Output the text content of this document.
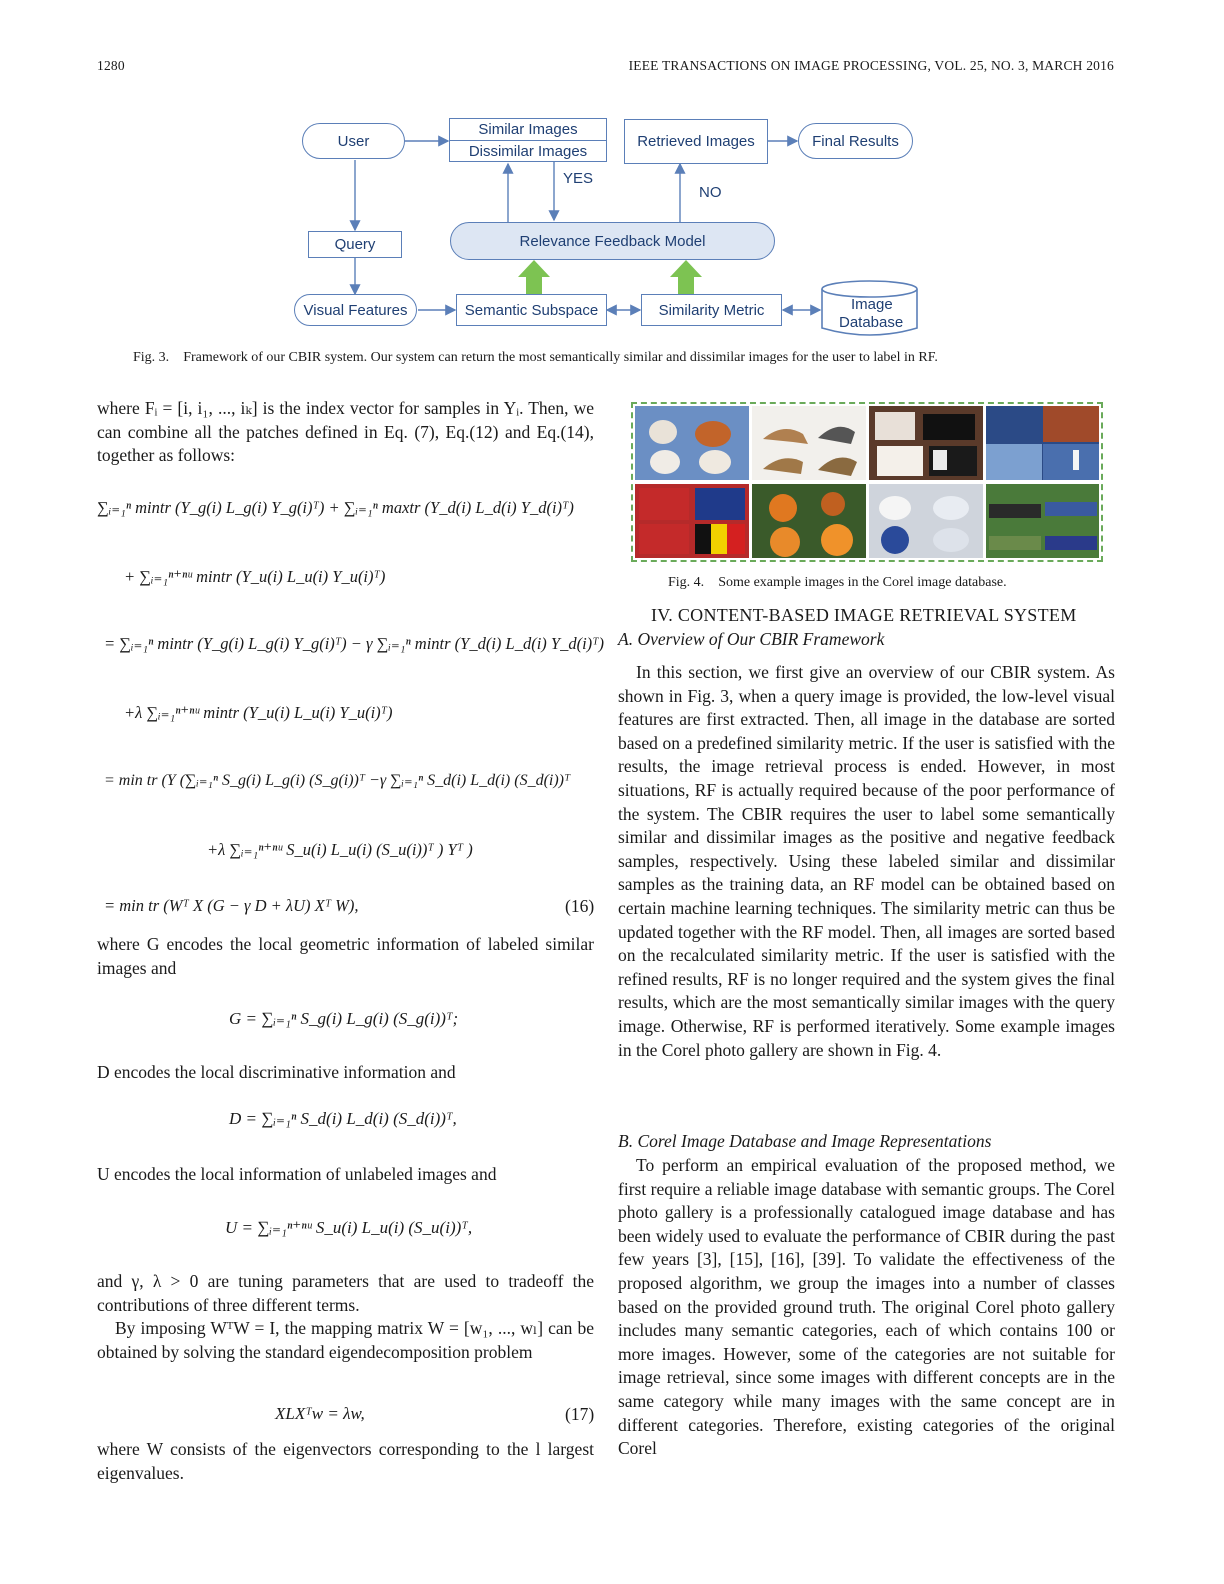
1280	IEEE TRANSACTIONS ON IMAGE PROCESSING, VOL. 25, NO. 3, MARCH 2016
User
Similar Images
Dissimilar Images
Retrieved Images	Final Results
Query	Relevance Feedback Model
Visual Features	Semantic Subspace	Similarity Metric	Image
Database
YES
NO
Fig. 3. Framework of our CBIR system. Our system can return the most semantically similar and dissimilar images for the user to label in RF.
Fig. 4. Some example images in the Corel image database.
where Fᵢ = [i, i₁, ..., iₖ] is the index vector for samples in Yᵢ. Then, we can combine all the patches defined in Eq. (7), Eq.(12) and Eq.(14), together as follows:
∑ᵢ₌₁ⁿ mintr (Y_g(i) L_g(i) Y_g(i)ᵀ) + ∑ᵢ₌₁ⁿ maxtr (Y_d(i) L_d(i) Y_d(i)ᵀ)
+ ∑ᵢ₌₁ⁿ⁺ⁿᵘ mintr (Y_u(i) L_u(i) Y_u(i)ᵀ)
= ∑ᵢ₌₁ⁿ mintr (Y_g(i) L_g(i) Y_g(i)ᵀ) − γ ∑ᵢ₌₁ⁿ mintr (Y_d(i) L_d(i) Y_d(i)ᵀ)
+λ ∑ᵢ₌₁ⁿ⁺ⁿᵘ mintr (Y_u(i) L_u(i) Y_u(i)ᵀ)
= min tr (Y (∑ᵢ₌₁ⁿ S_g(i) L_g(i) (S_g(i))ᵀ −γ ∑ᵢ₌₁ⁿ S_d(i) L_d(i) (S_d(i))ᵀ
+λ ∑ᵢ₌₁ⁿ⁺ⁿᵘ S_u(i) L_u(i) (S_u(i))ᵀ ) Yᵀ )
= min tr (Wᵀ X (G − γ D + λU) Xᵀ W),	(16)
where G encodes the local geometric information of labeled similar images and
G = ∑ᵢ₌₁ⁿ S_g(i) L_g(i) (S_g(i))ᵀ;
D encodes the local discriminative information and
D = ∑ᵢ₌₁ⁿ S_d(i) L_d(i) (S_d(i))ᵀ,
U encodes the local information of unlabeled images and
U = ∑ᵢ₌₁ⁿ⁺ⁿᵘ S_u(i) L_u(i) (S_u(i))ᵀ,
and γ, λ > 0 are tuning parameters that are used to tradeoff the contributions of three different terms.
By imposing WᵀW = I, the mapping matrix W = [w₁, ..., wₗ] can be obtained by solving the standard eigendecomposition problem
XLXᵀw = λw,	(17)
where W consists of the eigenvectors corresponding to the l largest eigenvalues.
IV. CONTENT-BASED IMAGE RETRIEVAL SYSTEM
A. Overview of Our CBIR Framework
In this section, we first give an overview of our CBIR system. As shown in Fig. 3, when a query image is provided, the low-level visual features are first extracted. Then, all image in the database are sorted based on a predefined similarity metric. If the user is satisfied with the results, the image retrieval process is ended. However, in most situations, RF is actually required because of the poor performance of the system. The CBIR requires the user to label some semantically similar and dissimilar images as the positive and negative feedback samples, respectively. Using these labeled similar and dissimilar samples as the training data, an RF model can be obtained based on certain machine learning techniques. The similarity metric can thus be updated together with the RF model. Then, all images are sorted based on the recalculated similarity metric. If the user is satisfied with the refined results, RF is no longer required and the system gives the final results, which are the most semantically similar images with the query image. Otherwise, RF is performed iteratively. Some example images in the Corel photo gallery are shown in Fig. 4.
B. Corel Image Database and Image Representations
To perform an empirical evaluation of the proposed method, we first require a reliable image database with semantic groups. The Corel photo gallery is a professionally catalogued image database and has been widely used to evaluate the performance of CBIR during the past few years [3], [15], [16], [39]. To validate the effectiveness of the proposed algorithm, we group the images into a number of classes based on the provided ground truth. The original Corel photo gallery includes many semantic categories, each of which contains 100 or more images. However, some of the categories are not suitable for image retrieval, since some images with different concepts are in the same category while many images with the same concept are in different categories. Therefore, existing categories of the original Corel
